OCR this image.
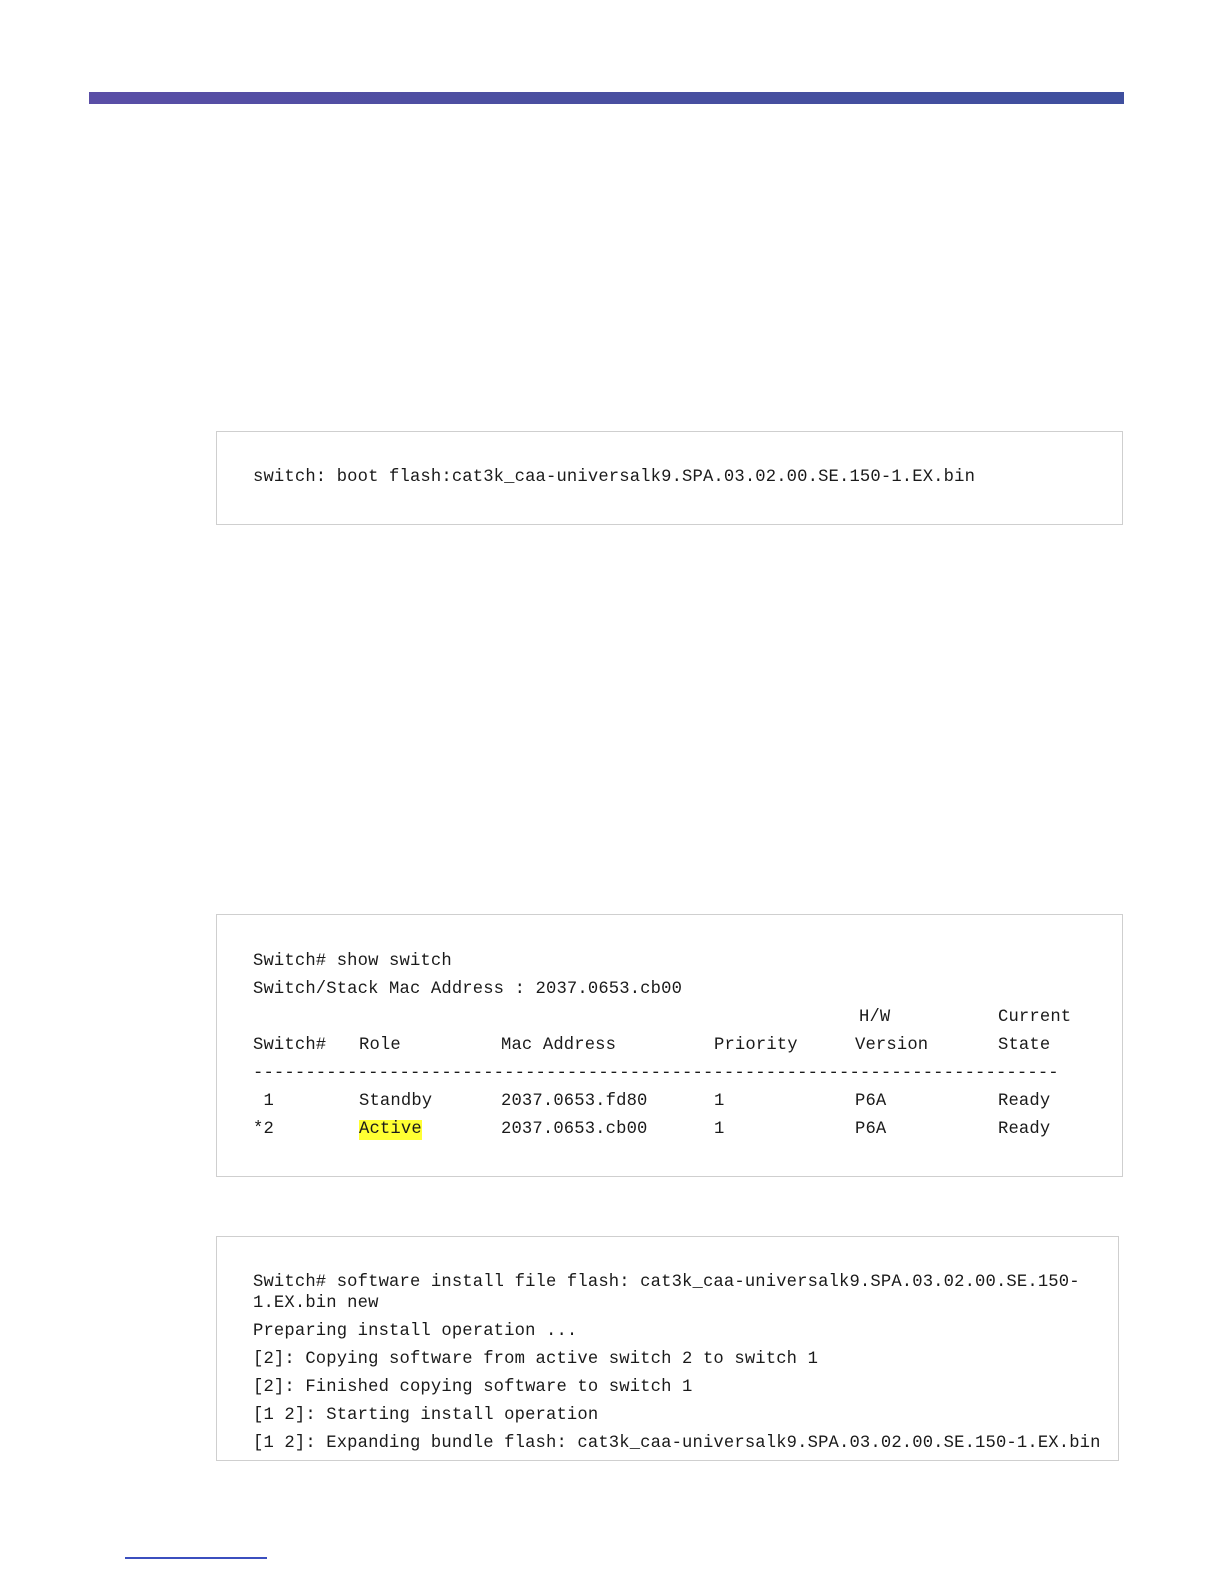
switch: boot flash:cat3k_caa-universalk9.SPA.03.02.00.SE.150-1.EX.bin
Switch# show switch
Switch/Stack Mac Address : 2037.0653.cb00
H/W	Current
Switch# Role	Mac Address	Priority	Version	State
-----------------------------------------------------------------------------
1	Standby	2037.0653.fd80	1	P6A	Ready
*2	Active	2037.0653.cb00	1	P6A	Ready
Switch# software install file flash: cat3k_caa-universalk9.SPA.03.02.00.SE.150-
1.EX.bin new
Preparing install operation ...
[2]: Copying software from active switch 2 to switch 1
[2]: Finished copying software to switch 1
[1 2]: Starting install operation
[1 2]: Expanding bundle flash: cat3k_caa-universalk9.SPA.03.02.00.SE.150-1.EX.bin
